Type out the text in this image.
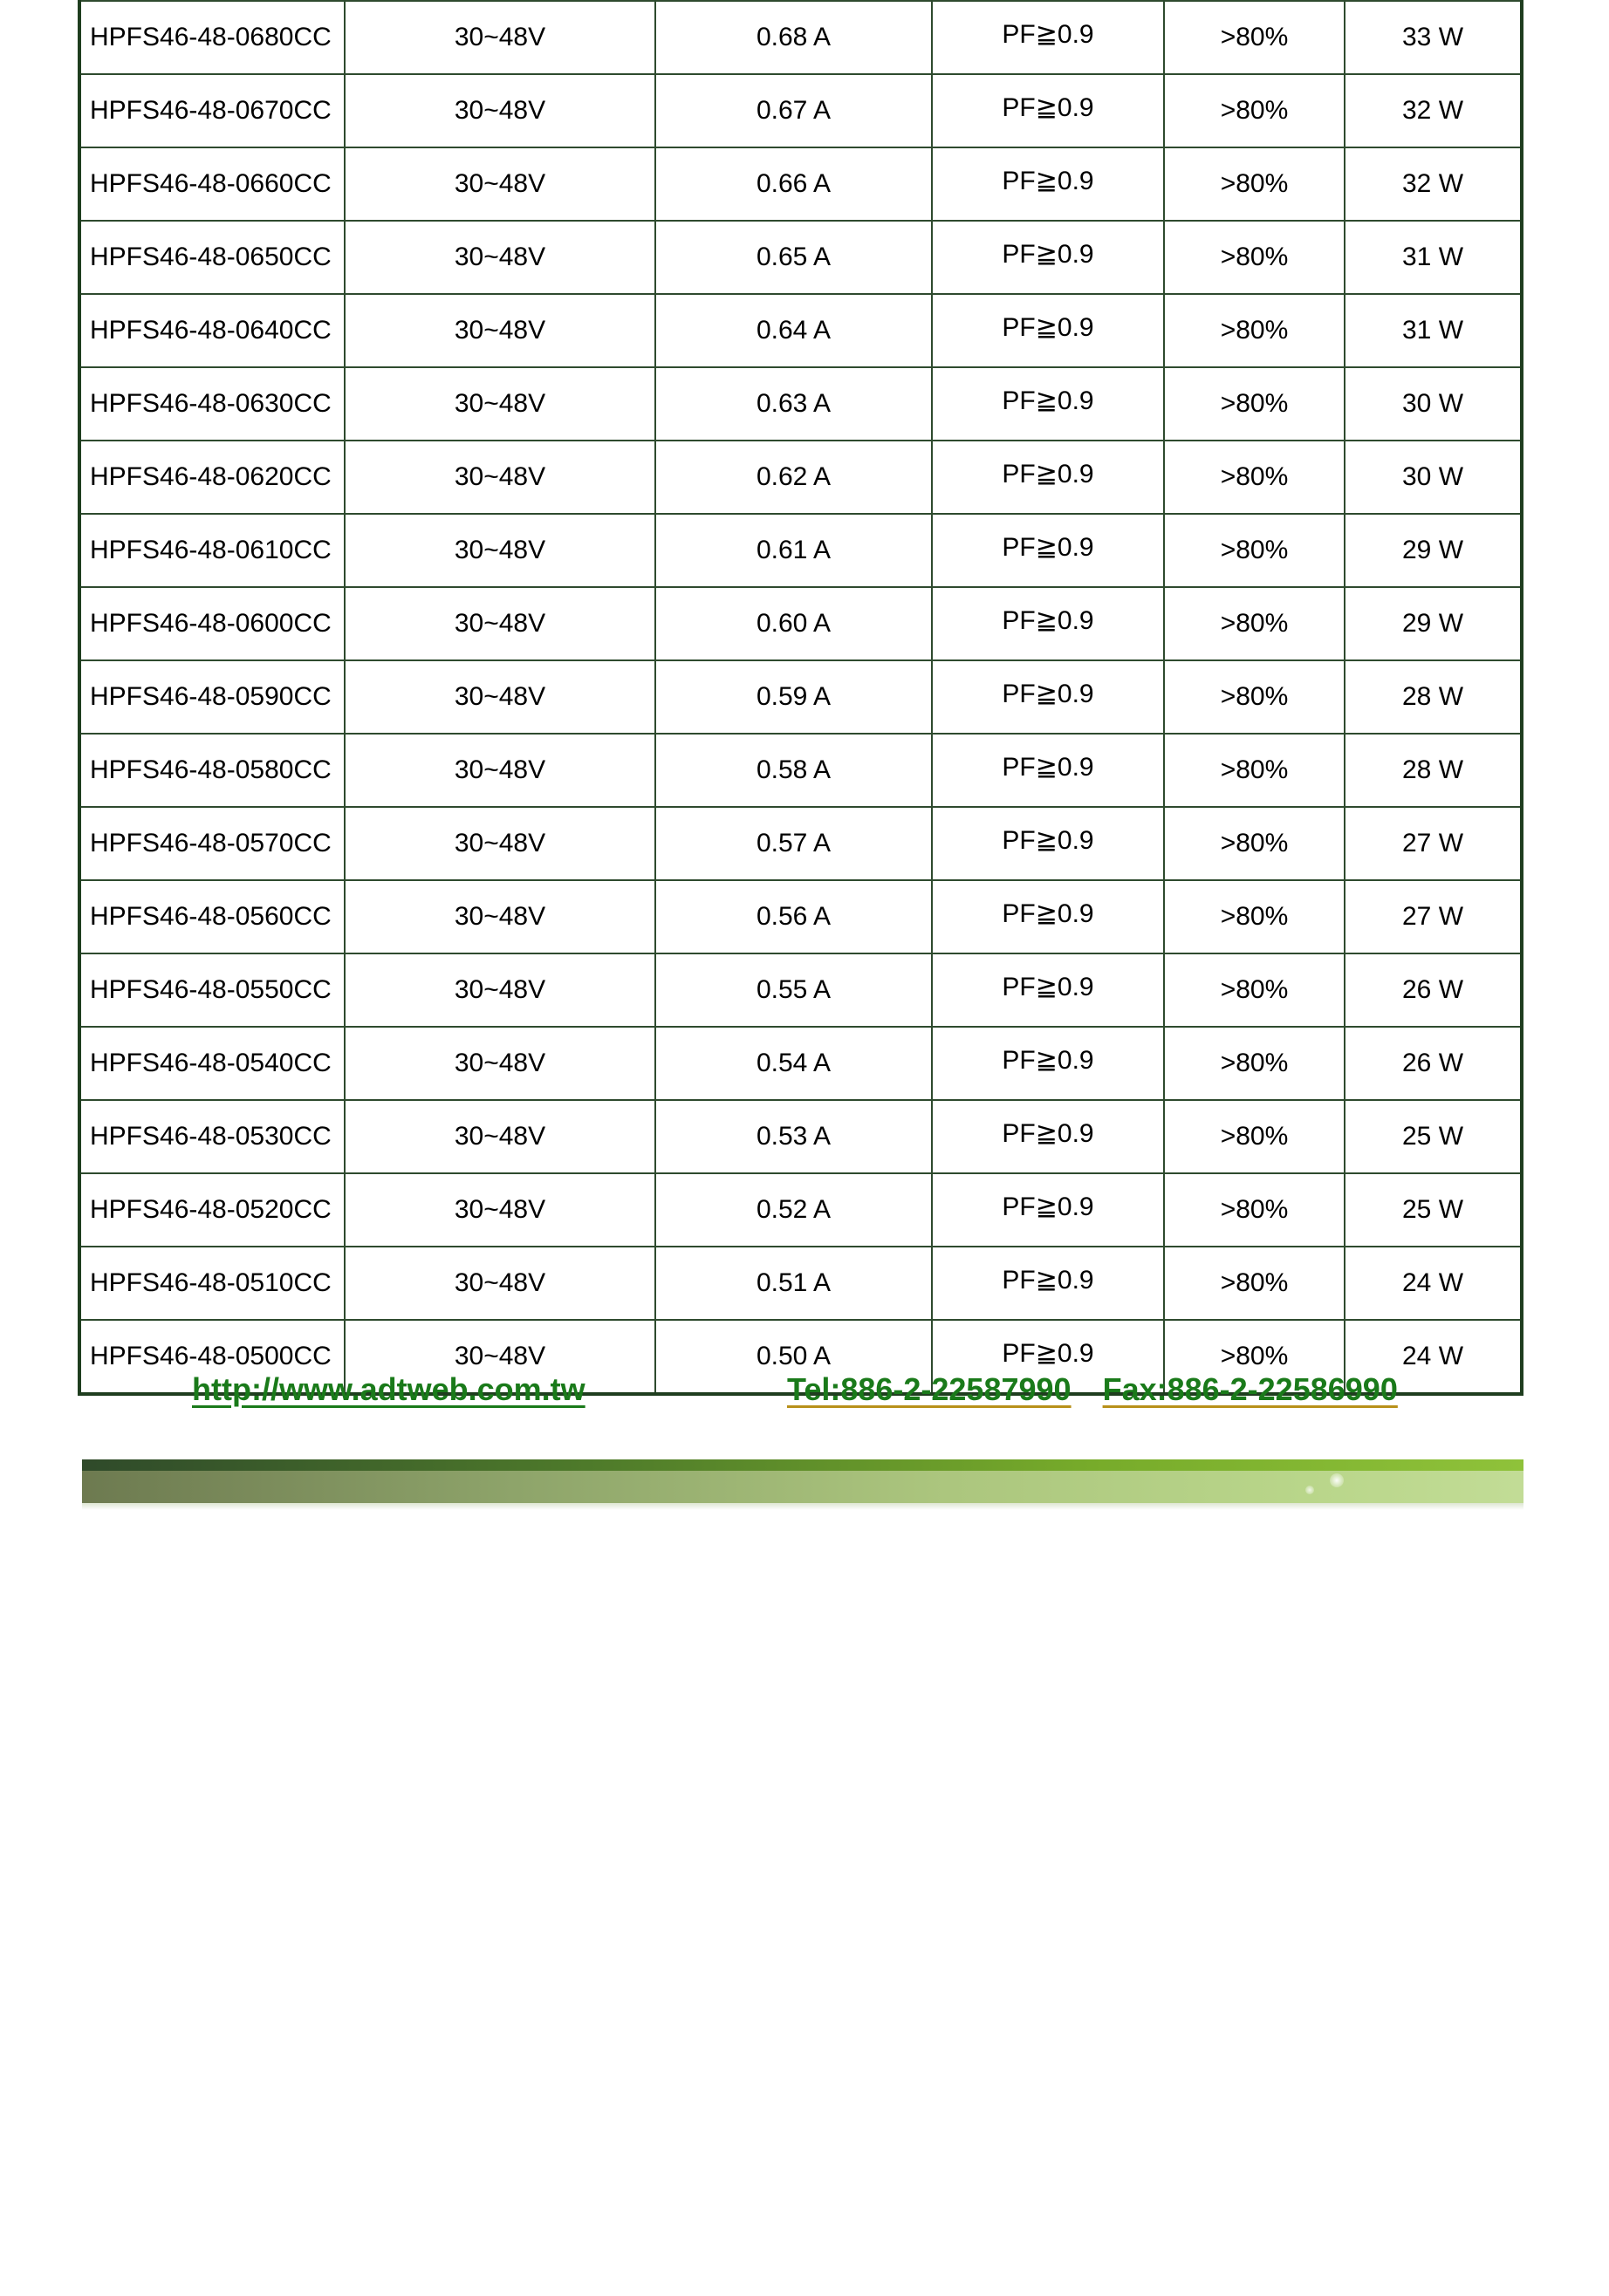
HPFS46-48-0680CC	30~48V	0.68 A	PF≧0.9	>80%	33 W
HPFS46-48-0670CC	30~48V	0.67 A	PF≧0.9	>80%	32 W
HPFS46-48-0660CC	30~48V	0.66 A	PF≧0.9	>80%	32 W
HPFS46-48-0650CC	30~48V	0.65 A	PF≧0.9	>80%	31 W
HPFS46-48-0640CC	30~48V	0.64 A	PF≧0.9	>80%	31 W
HPFS46-48-0630CC	30~48V	0.63 A	PF≧0.9	>80%	30 W
HPFS46-48-0620CC	30~48V	0.62 A	PF≧0.9	>80%	30 W
HPFS46-48-0610CC	30~48V	0.61 A	PF≧0.9	>80%	29 W
HPFS46-48-0600CC	30~48V	0.60 A	PF≧0.9	>80%	29 W
HPFS46-48-0590CC	30~48V	0.59 A	PF≧0.9	>80%	28 W
HPFS46-48-0580CC	30~48V	0.58 A	PF≧0.9	>80%	28 W
HPFS46-48-0570CC	30~48V	0.57 A	PF≧0.9	>80%	27 W
HPFS46-48-0560CC	30~48V	0.56 A	PF≧0.9	>80%	27 W
HPFS46-48-0550CC	30~48V	0.55 A	PF≧0.9	>80%	26 W
HPFS46-48-0540CC	30~48V	0.54 A	PF≧0.9	>80%	26 W
HPFS46-48-0530CC	30~48V	0.53 A	PF≧0.9	>80%	25 W
HPFS46-48-0520CC	30~48V	0.52 A	PF≧0.9	>80%	25 W
HPFS46-48-0510CC	30~48V	0.51 A	PF≧0.9	>80%	24 W
HPFS46-48-0500CC	30~48V	0.50 A	PF≧0.9	>80%	24 W
http://www.adtweb.com.tw	Tel:886-2-22587990 Fax:886-2-22586990
